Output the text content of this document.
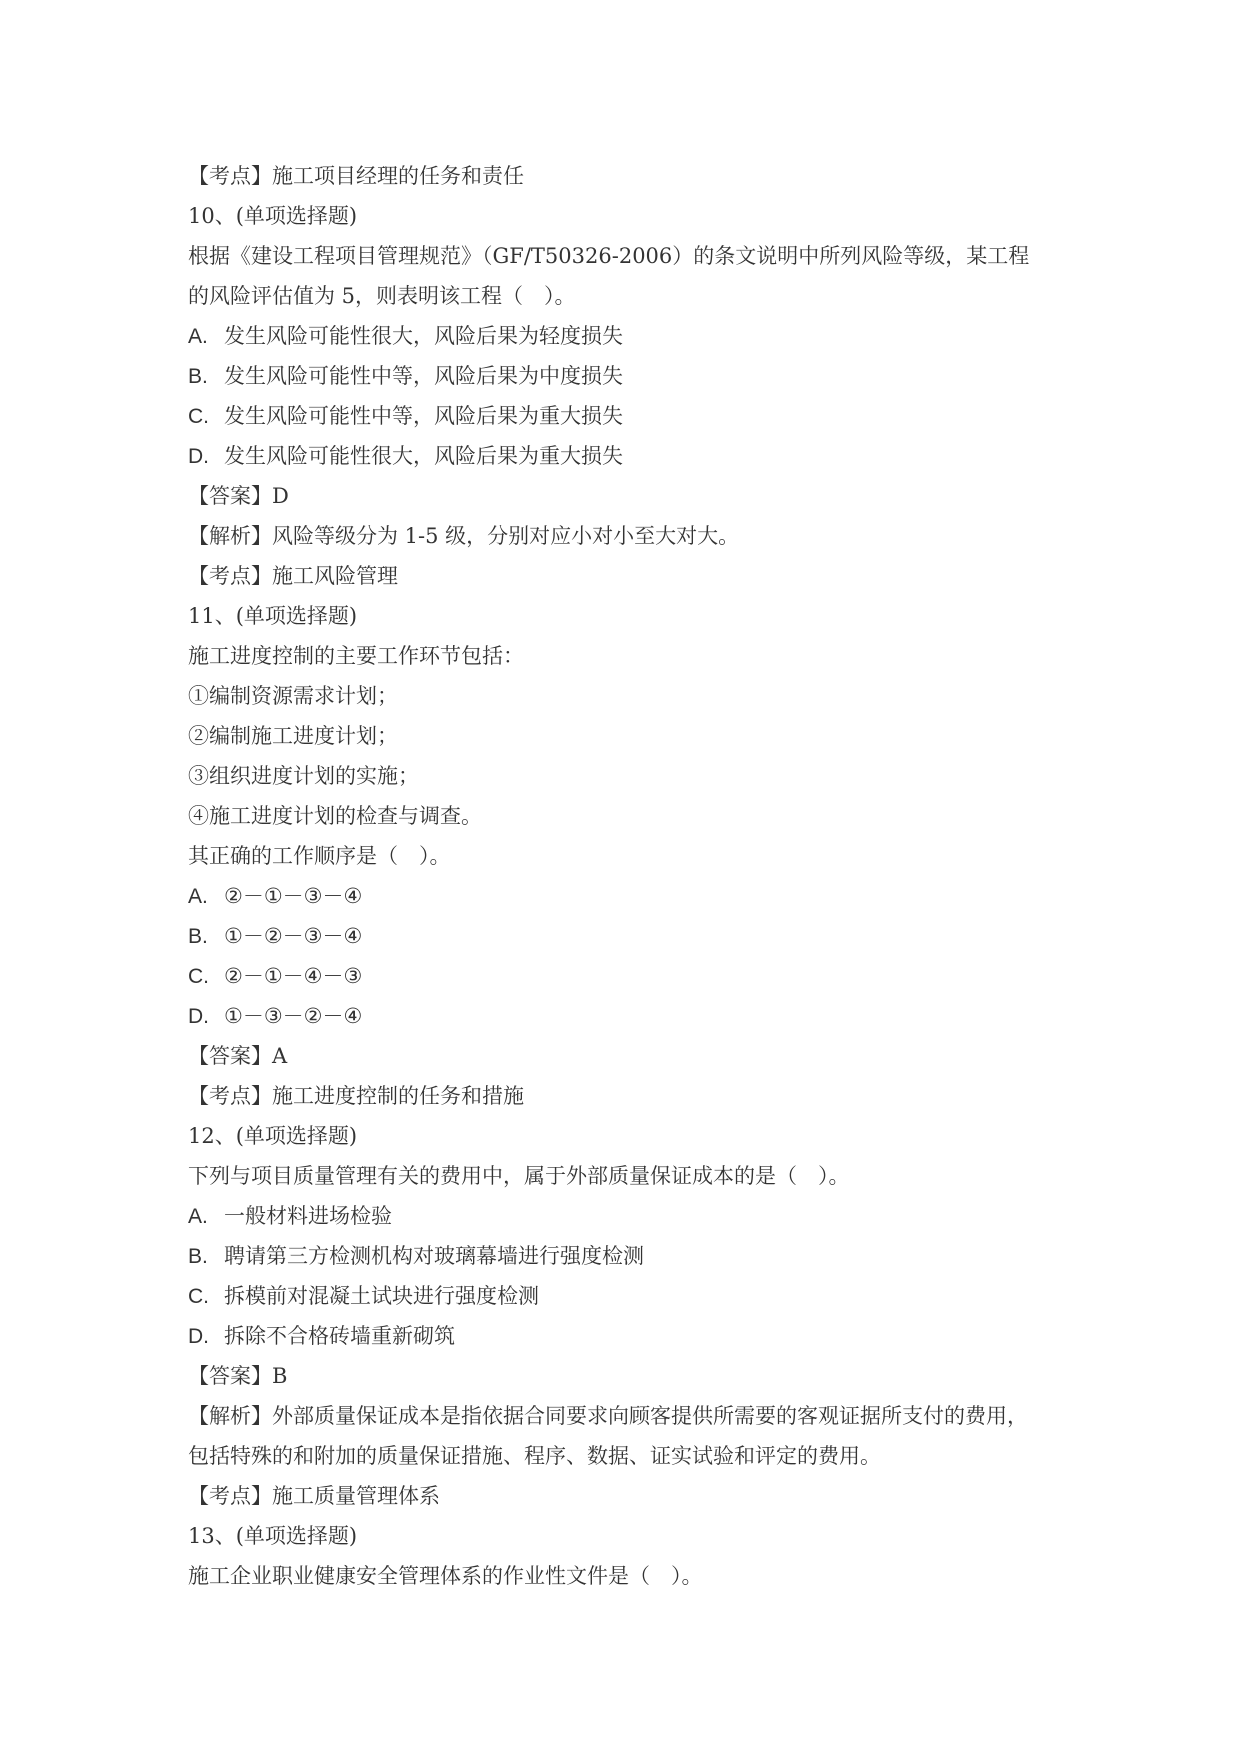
【考点】施工项目经理的任务和责任
10、(单项选择题)
根据《建设工程项目管理规范》（GF/T50326-2006）的条文说明中所列风险等级，某工程
的风险评估值为 5，则表明该工程（　）。
A. 发生风险可能性很大，风险后果为轻度损失
B. 发生风险可能性中等，风险后果为中度损失
C. 发生风险可能性中等，风险后果为重大损失
D. 发生风险可能性很大，风险后果为重大损失
【答案】D
【解析】风险等级分为 1-5 级，分别对应小对小至大对大。
【考点】施工风险管理
11、(单项选择题)
施工进度控制的主要工作环节包括：
①编制资源需求计划；
②编制施工进度计划；
③组织进度计划的实施；
④施工进度计划的检查与调查。
其正确的工作顺序是（　）。
A. ②－①－③－④
B. ①－②－③－④
C. ②－①－④－③
D. ①－③－②－④
【答案】A
【考点】施工进度控制的任务和措施
12、(单项选择题)
下列与项目质量管理有关的费用中，属于外部质量保证成本的是（　）。
A. 一般材料进场检验
B. 聘请第三方检测机构对玻璃幕墙进行强度检测
C. 拆模前对混凝土试块进行强度检测
D. 拆除不合格砖墙重新砌筑
【答案】B
【解析】外部质量保证成本是指依据合同要求向顾客提供所需要的客观证据所支付的费用，
包括特殊的和附加的质量保证措施、程序、数据、证实试验和评定的费用。
【考点】施工质量管理体系
13、(单项选择题)
施工企业职业健康安全管理体系的作业性文件是（　）。
